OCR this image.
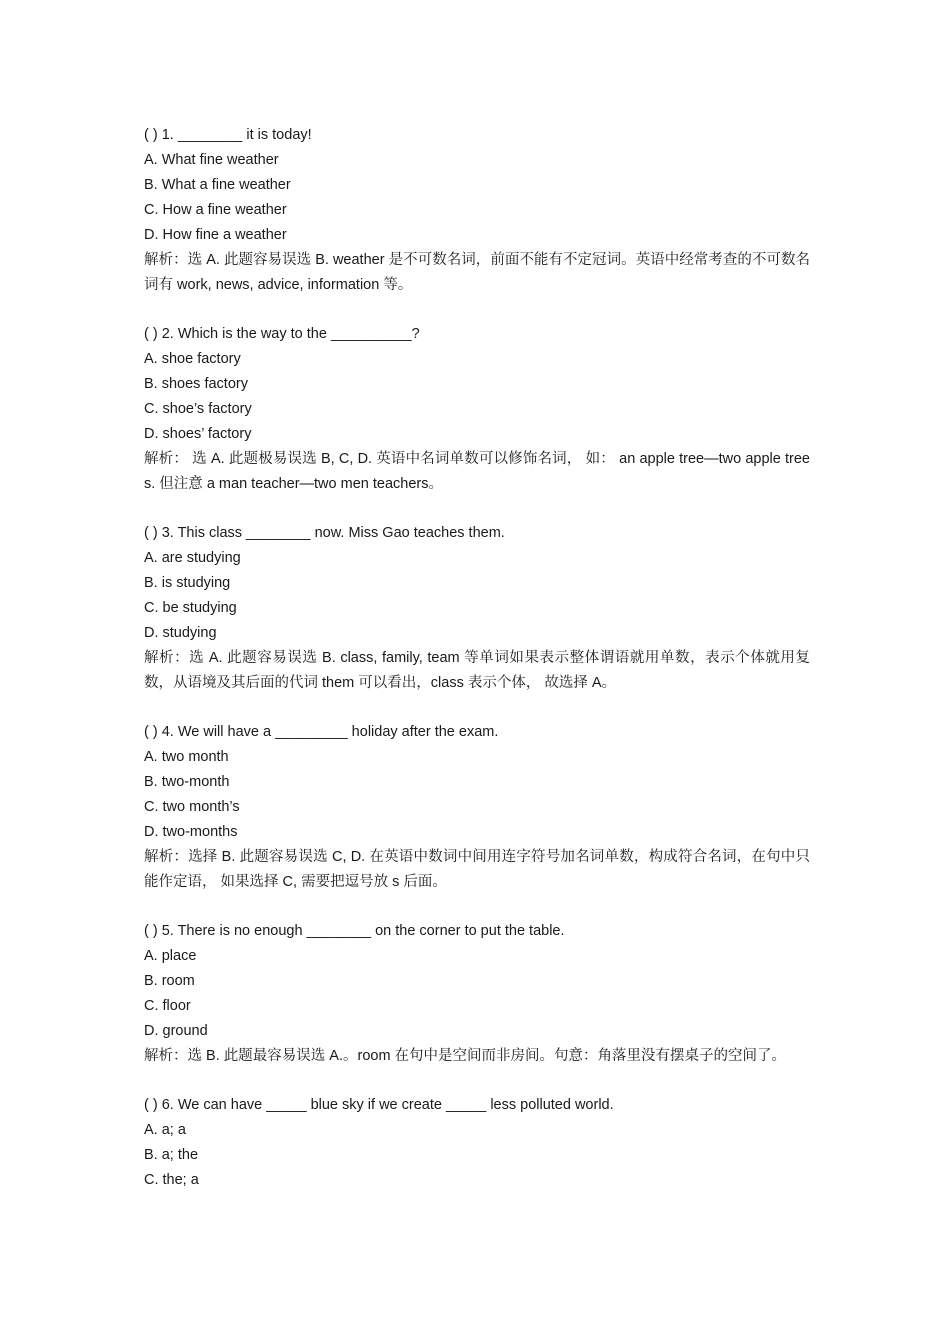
( ) 1. ________ it is today!
A. What fine weather
B. What a fine weather
C. How a fine weather
D. How fine a weather
解析：选 A. 此题容易误选 B. weather 是不可数名词，前面不能有不定冠词。英语中经常考查的不可数名词有 work, news, advice, information 等。
( ) 2. Which is the way to the __________?
A. shoe factory
B. shoes factory
C. shoe’s factory
D. shoes’ factory
解析： 选 A. 此题极易误选 B, C, D. 英语中名词单数可以修饰名词， 如： an apple tree—two apple trees. 但注意 a man teacher—two men teachers。
( ) 3. This class ________ now. Miss Gao teaches them.
A. are studying
B. is studying
C. be studying
D. studying
解析：选 A. 此题容易误选 B. class, family, team 等单词如果表示整体谓语就用单数，表示个体就用复数，从语境及其后面的代词 them 可以看出，class 表示个体， 故选择 A。
( ) 4. We will have a _________ holiday after the exam.
A. two month
B. two-month
C. two month’s
D. two-months
解析：选择 B. 此题容易误选 C, D. 在英语中数词中间用连字符号加名词单数，构成符合名词，在句中只能作定语， 如果选择 C, 需要把逗号放 s 后面。
( ) 5. There is no enough ________ on the corner to put the table.
A. place
B. room
C. floor
D. ground
解析：选 B. 此题最容易误选 A.。room 在句中是空间而非房间。句意：角落里没有摆桌子的空间了。
( ) 6. We can have _____ blue sky if we create _____ less polluted world.
A. a; a
B. a; the
C. the; a
